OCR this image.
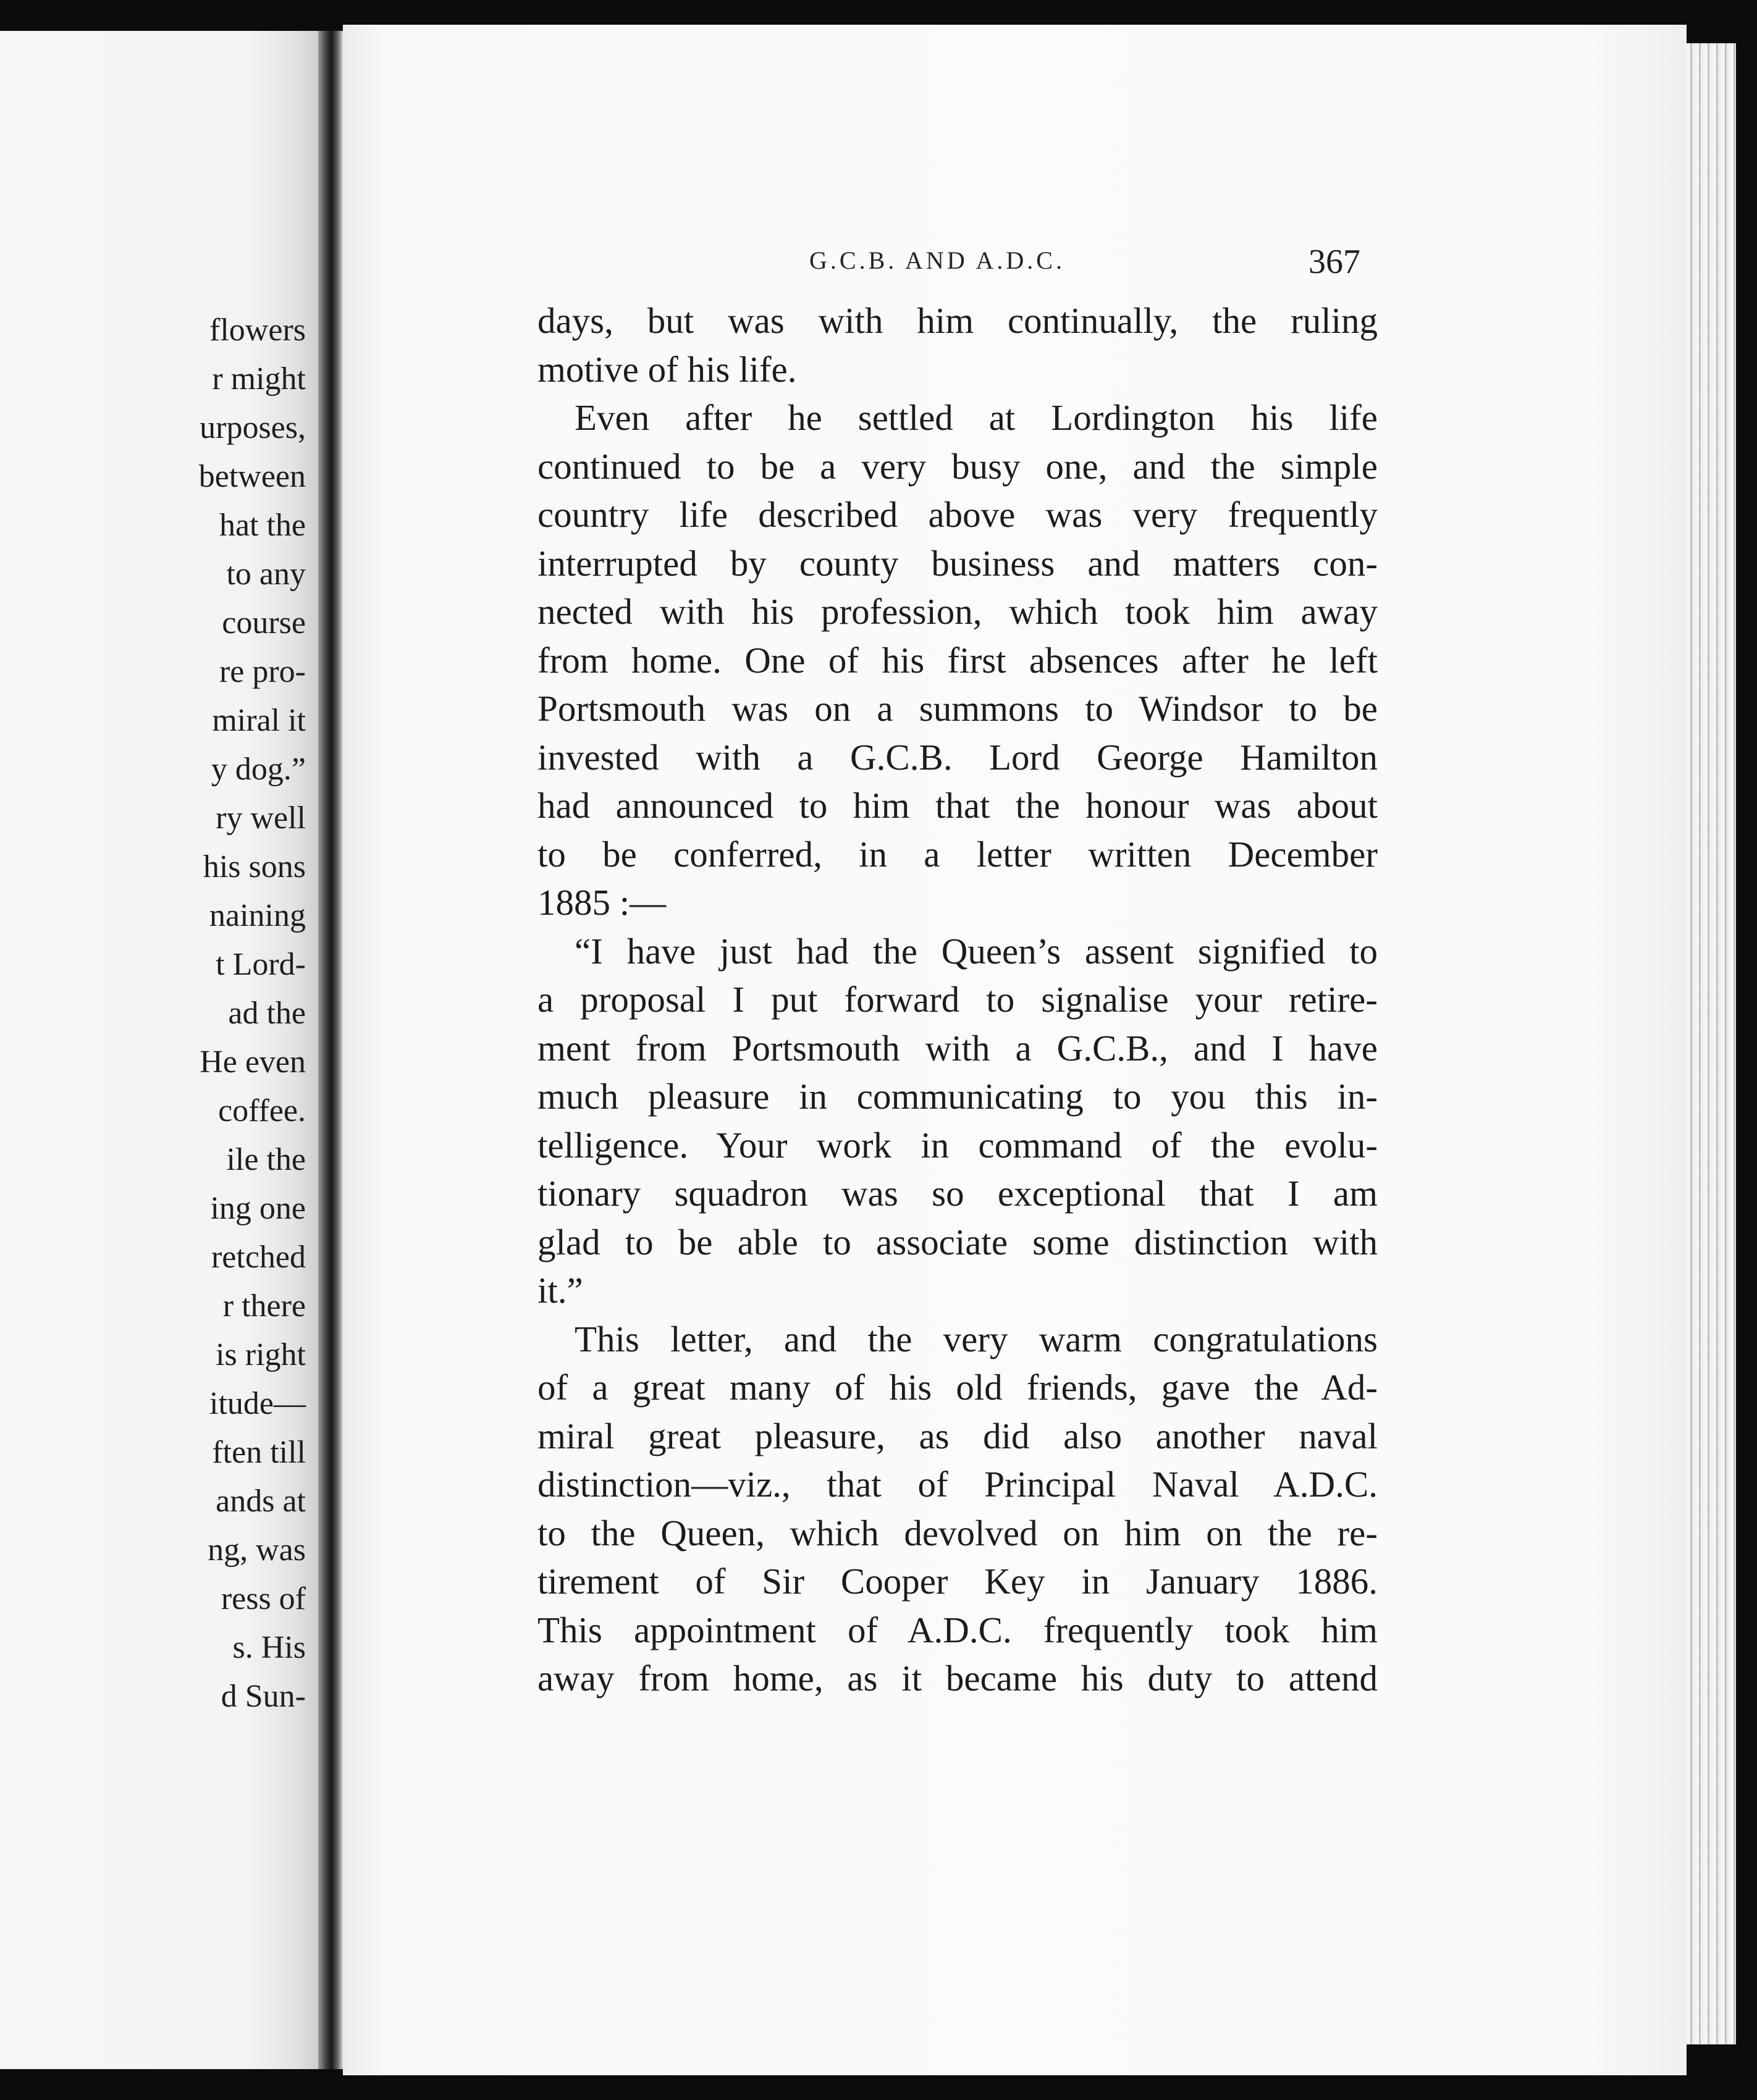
flowers
r might
urposes,
between
hat the
to any
course
re pro-
miral it
y dog.”
ry well
his sons
naining
t Lord-
ad the
He even
coffee.
ile the
ing one
retched
r there
is right
itude—
ften till
ands at
ng, was
ress of
s. His
d Sun-
G.C.B. AND A.D.C.	367

days, but was with him continually, the ruling

motive of his life.

Even after he settled at Lordington his life

continued to be a very busy one, and the simple

country life described above was very frequently

interrupted by county business and matters con-

nected with his profession, which took him away

from home. One of his first absences after he left

Portsmouth was on a summons to Windsor to be

invested with a G.C.B. Lord George Hamilton

had announced to him that the honour was about

to be conferred, in a letter written December

1885 :—

“I have just had the Queen’s assent signified to

a proposal I put forward to signalise your retire-

ment from Portsmouth with a G.C.B., and I have

much pleasure in communicating to you this in-

telligence. Your work in command of the evolu-

tionary squadron was so exceptional that I am

glad to be able to associate some distinction with

it.”

This letter, and the very warm congratulations

of a great many of his old friends, gave the Ad-

miral great pleasure, as did also another naval

distinction—viz., that of Principal Naval A.D.C.

to the Queen, which devolved on him on the re-

tirement of Sir Cooper Key in January 1886.

This appointment of A.D.C. frequently took him

away from home, as it became his duty to attend
